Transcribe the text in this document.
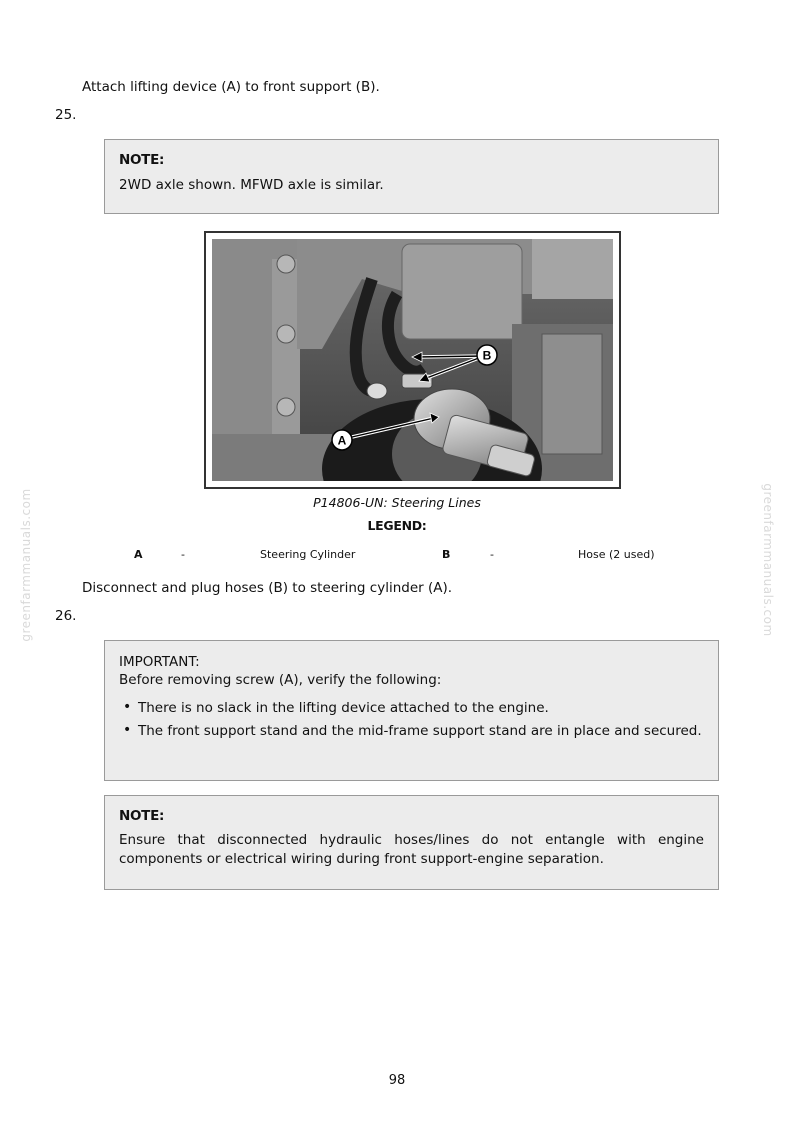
greenfarmmanuals.com	greenfarmmanuals.com
Attach lifting device (A) to front support (B).
25.
NOTE:
2WD axle shown. MFWD axle is similar.
B
A
P14806-UN: Steering Lines
LEGEND:
A	-	Steering Cylinder	B	-	Hose (2 used)
Disconnect and plug hoses (B) to steering cylinder (A).
26.
IMPORTANT:
Before removing screw (A), verify the following:
• There is no slack in the lifting device attached to the engine.
• The front support stand and the mid-frame support stand are in place and secured.
NOTE:
Ensure that disconnected hydraulic hoses/lines do not entangle with engine components or electrical wiring during front support-engine separation.
98
